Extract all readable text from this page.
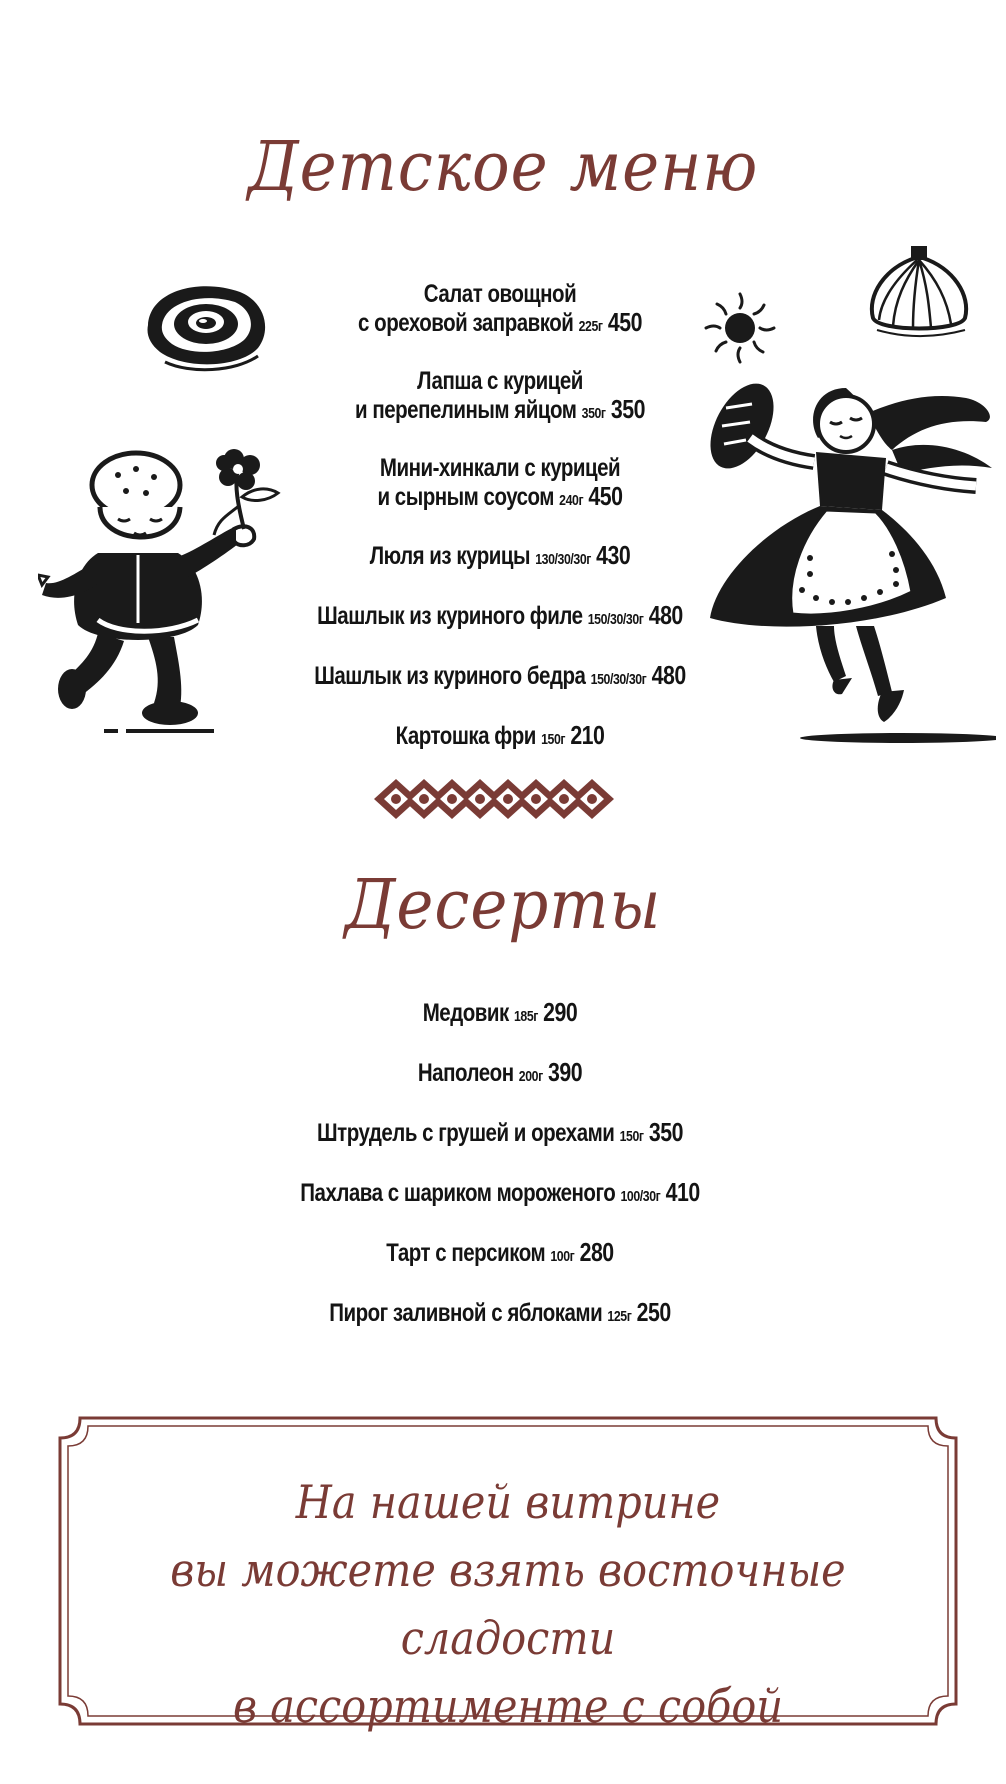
Детское меню
Салат овощной
с ореховой заправкой 225г 450
Лапша с курицей
и перепелиным яйцом 350г 350
Мини-хинкали с курицей
и сырным соусом 240г 450
Люля из курицы 130/30/30г 430
Шашлык из куриного филе 150/30/30г 480
Шашлык из куриного бедра 150/30/30г 480
Картошка фри 150г 210
Десерты
Медовик 185г 290
Наполеон 200г 390
Штрудель с грушей и орехами 150г 350
Пахлава с шариком мороженого 100/30г 410
Тарт с персиком 100г 280
Пирог заливной с яблоками 125г 250
На нашей витрине
вы можете взять восточные сладости
в ассортименте с собой
